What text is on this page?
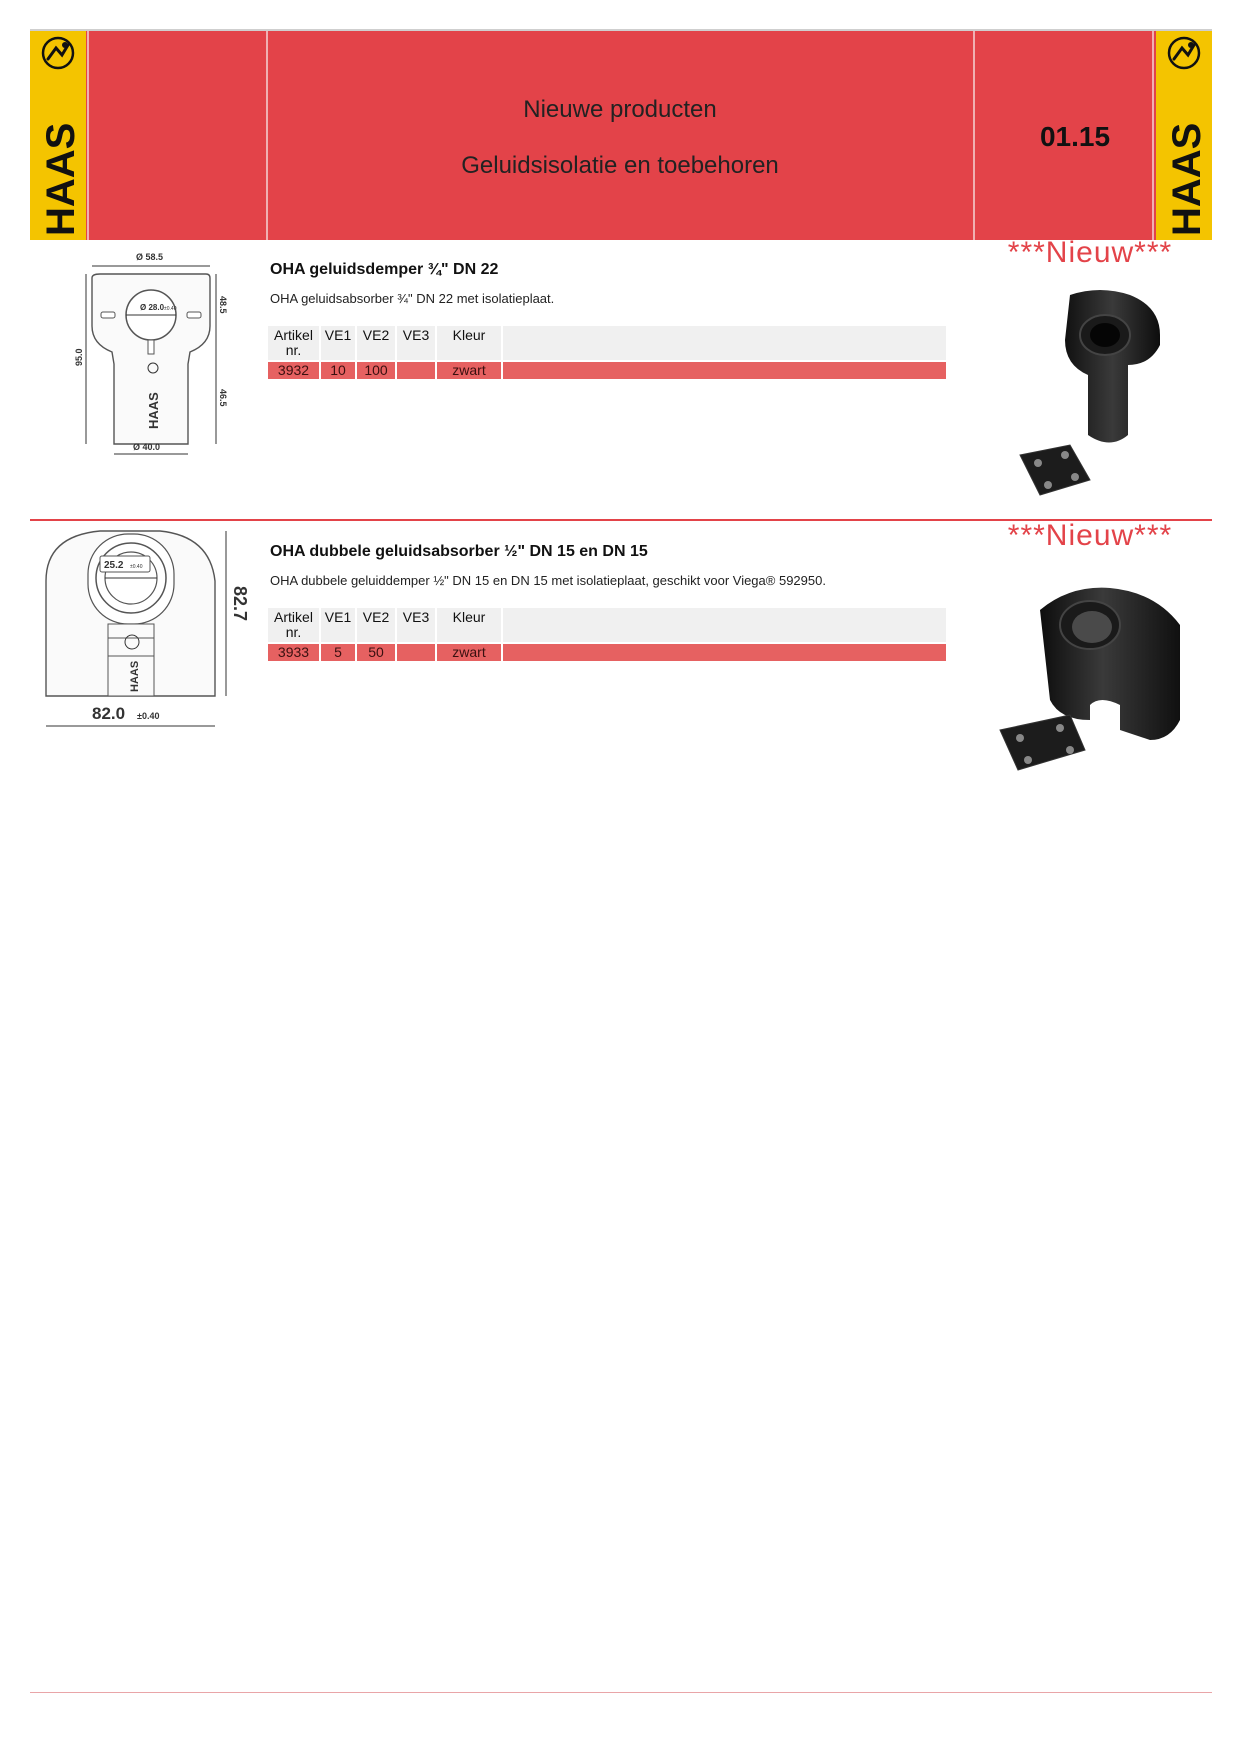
HAAS
Nieuwe producten
Geluidsisolatie en toebehoren
01.15	HAAS
Ø 28.0 ±0.40
Ø 58.5
Ø 40.0
95.0
48.5
46.5
HAAS
OHA geluidsdemper ¾" DN 22
OHA geluidsabsorber ¾" DN 22 met isolatieplaat.
Artikel nr.	VE1	VE2	VE3	Kleur	
3932	10	100		zwart	
***Nieuw***
***Nieuw***
25.2 ±0.40
HAAS
82.7
82.0 ±0.40
OHA dubbele geluidsabsorber ½" DN 15 en DN 15
OHA dubbele geluiddemper ½" DN 15 en DN 15 met isolatieplaat, geschikt voor Viega® 592950.
Artikel nr.	VE1	VE2	VE3	Kleur	
3933	5	50		zwart	
